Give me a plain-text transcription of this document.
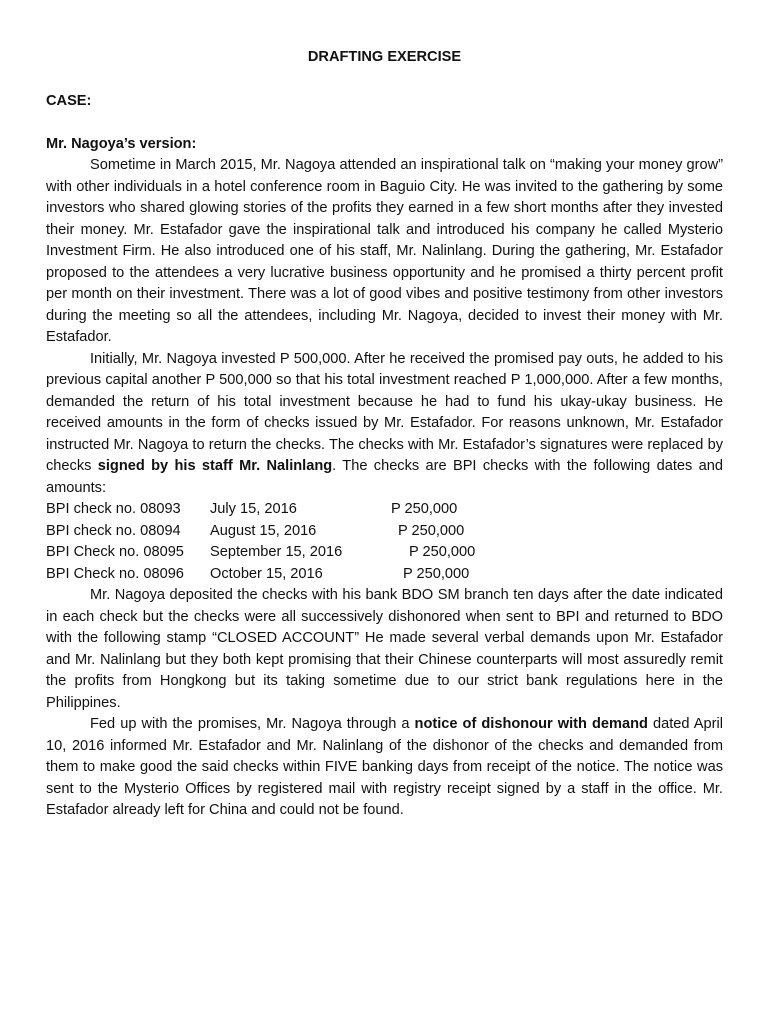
DRAFTING EXERCISE

CASE:

Mr. Nagoya’s version:

Sometime in March 2015, Mr. Nagoya attended an inspirational talk on “making your money grow” with other individuals in a hotel conference room in Baguio City. He was invited to the gathering by some investors who shared glowing stories of the profits they earned in a few short months after they invested their money. Mr. Estafador gave the inspirational talk and introduced his company he called Mysterio Investment Firm. He also introduced one of his staff, Mr. Nalinlang. During the gathering, Mr. Estafador proposed to the attendees a very lucrative business opportunity and he promised a thirty percent profit per month on their investment. There was a lot of good vibes and positive testimony from other investors during the meeting so all the attendees, including Mr. Nagoya, decided to invest their money with Mr. Estafador.

Initially, Mr. Nagoya invested P 500,000. After he received the promised pay outs, he added to his previous capital another P 500,000 so that his total investment reached P 1,000,000. After a few months, demanded the return of his total investment because he had to fund his ukay-ukay business. He received amounts in the form of checks issued by Mr. Estafador. For reasons unknown, Mr. Estafador instructed Mr. Nagoya to return the checks. The checks with Mr. Estafador’s signatures were replaced by checks signed by his staff Mr. Nalinlang. The checks are BPI checks with the following dates and amounts:

BPI check no. 08093 July 15, 2016	P 250,000
BPI check no. 08094 August 15, 2016	P 250,000
BPI Check no. 08095 September 15, 2016	P 250,000
BPI Check no. 08096 October 15, 2016	P 250,000

Mr. Nagoya deposited the checks with his bank BDO SM branch ten days after the date indicated in each check but the checks were all successively dishonored when sent to BPI and returned to BDO with the following stamp “CLOSED ACCOUNT” He made several verbal demands upon Mr. Estafador and Mr. Nalinlang but they both kept promising that their Chinese counterparts will most assuredly remit the profits from Hongkong but its taking sometime due to our strict bank regulations here in the Philippines.

Fed up with the promises, Mr. Nagoya through a notice of dishonour with demand dated April 10, 2016 informed Mr. Estafador and Mr. Nalinlang of the dishonor of the checks and demanded from them to make good the said checks within FIVE banking days from receipt of the notice. The notice was sent to the Mysterio Offices by registered mail with registry receipt signed by a staff in the office. Mr. Estafador already left for China and could not be found.
